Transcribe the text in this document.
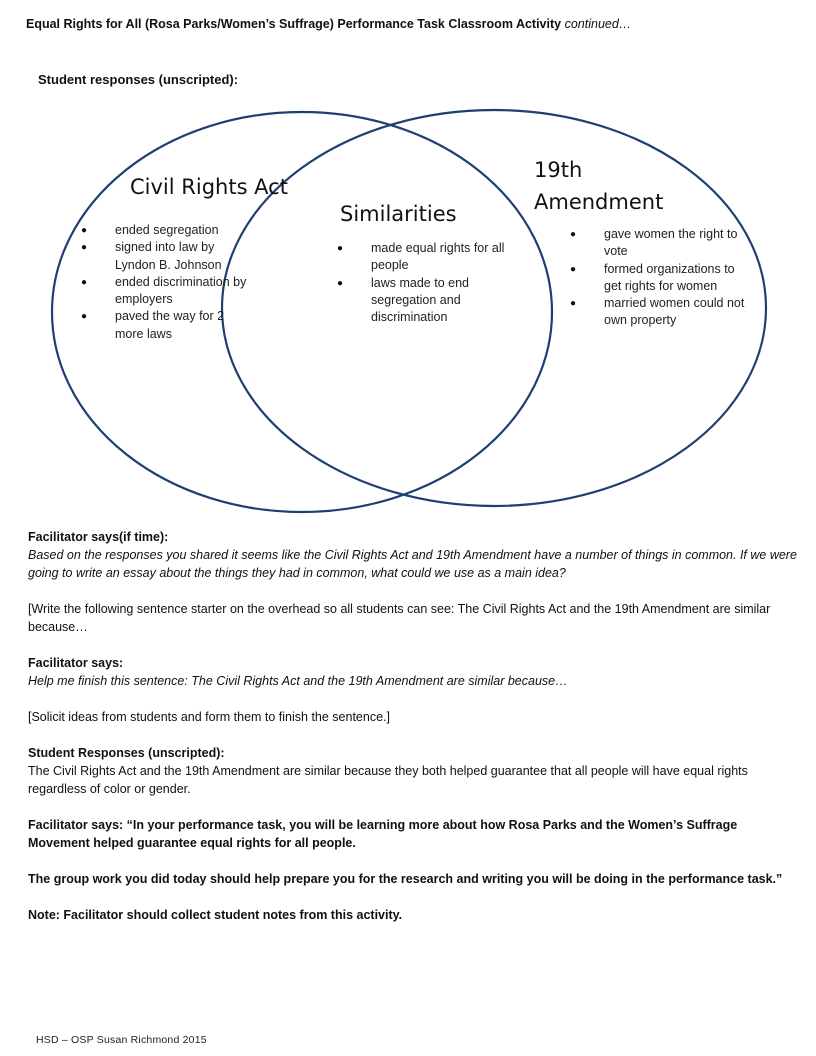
Equal Rights for All (Rosa Parks/Women’s Suffrage) Performance Task Classroom Activity continued…
Student responses (unscripted):
Civil Rights Act
19th
Amendment
Similarities
● ended segregation
● signed into law by Lyndon B. Johnson
● ended discrimination by employers
● paved the way for 2 more laws
● made equal rights for all people
● laws made to end segregation and discrimination
● gave women the right to vote
● formed organizations to get rights for women
● married women could not own property

Facilitator says(if time):
Based on the responses you shared it seems like the Civil Rights Act and 19th Amendment have a number of things in common. If we were going to write an essay about the things they had in common, what could we use as a main idea?

[Write the following sentence starter on the overhead so all students can see: The Civil Rights Act and the 19th Amendment are similar because…

Facilitator says:
Help me finish this sentence: The Civil Rights Act and the 19th Amendment are similar because…

[Solicit ideas from students and form them to finish the sentence.]

Student Responses (unscripted):
The Civil Rights Act and the 19th Amendment are similar because they both helped guarantee that all people will have equal rights regardless of color or gender.

Facilitator says: “In your performance task, you will be learning more about how Rosa Parks and the Women’s Suffrage Movement helped guarantee equal rights for all people.

The group work you did today should help prepare you for the research and writing you will be doing in the performance task.”

Note: Facilitator should collect student notes from this activity.

HSD – OSP Susan Richmond 2015
